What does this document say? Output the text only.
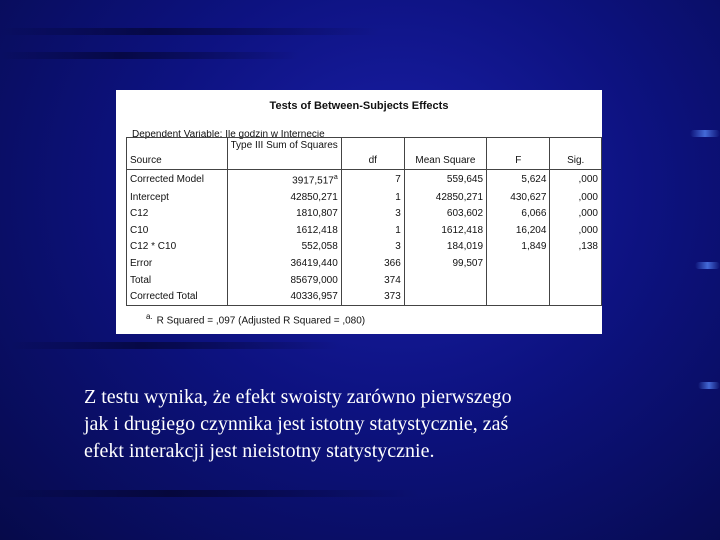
Tests of Between-Subjects Effects
Dependent Variable: Ile godzin w Internecie
Source	Type III Sum of Squares	df	Mean Square	F	Sig.

Corrected Model	3917,517$^a$	7	559,645	5,624	,000
Intercept	42850,271	1	42850,271	430,627	,000
C12	1810,807	3	603,602	6,066	,000
C10	1612,418	1	1612,418	16,204	,000
C12 * C10	552,058	3	184,019	1,849	,138
Error	36419,440	366	99,507		
Total	85679,000	374			
Corrected Total	40336,957	373			
$^{a.}$ R Squared = ,097 (Adjusted R Squared = ,080)

Z testu wynika, że efekt swoisty zarówno pierwszego

jak i drugiego czynnika jest istotny statystycznie, zaś

efekt interakcji jest nieistotny statystycznie.
